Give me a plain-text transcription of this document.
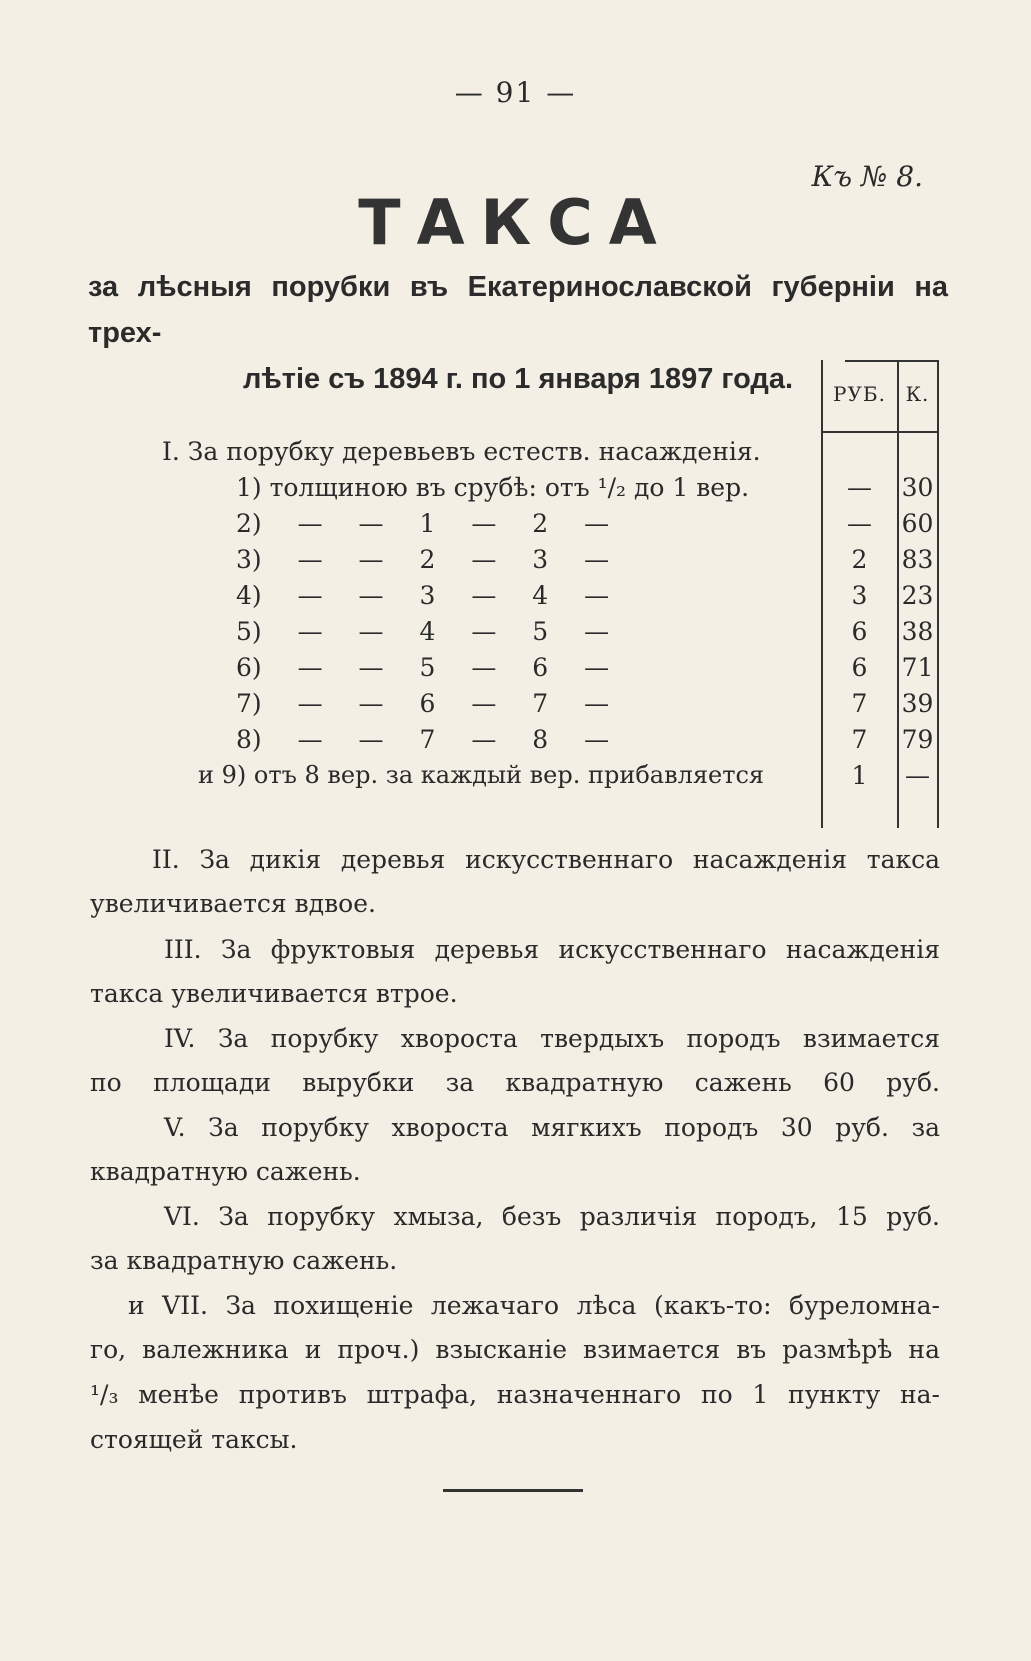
— 91 —
Къ № 8.
ТАКСА
за лѣсныя порубки въ Екатеринославской губерніи на трех-
лѣтіе съ 1894 г. по 1 января 1897 года.	РУБ. К.
I. За порубку деревьевъ естеств. насажденія.
1) толщиною въ срубѣ: отъ ¹/₂ до 1 вер.	—	30
2) — — 1 — 2 —	—	60
3) — — 2 — 3 —	2	83
4) — — 3 — 4 —	3	23
5) — — 4 — 5 —	6	38
6) — — 5 — 6 —	6	71
7) — — 6 — 7 —	7	39
8) — — 7 — 8 —	7	79
и 9) отъ 8 вер. за каждый вер. прибавляется	1	—
II. За дикія деревья искусственнаго насажденія такса
увеличивается вдвое.
III. За фруктовыя деревья искусственнаго насажденія
такса увеличивается втрое.
IV. За порубку хвороста твердыхъ породъ взимается
по площади вырубки за квадратную сажень 60 руб.
V. За порубку хвороста мягкихъ породъ 30 руб. за
квадратную сажень.
VI. За порубку хмыза, безъ различія породъ, 15 руб.
за квадратную сажень.
и VII. За похищеніе лежачаго лѣса (какъ-то: буреломна-
го, валежника и проч.) взысканіе взимается въ размѣрѣ на
¹/₃ менѣе противъ штрафа, назначеннаго по 1 пункту на-
стоящей таксы.
